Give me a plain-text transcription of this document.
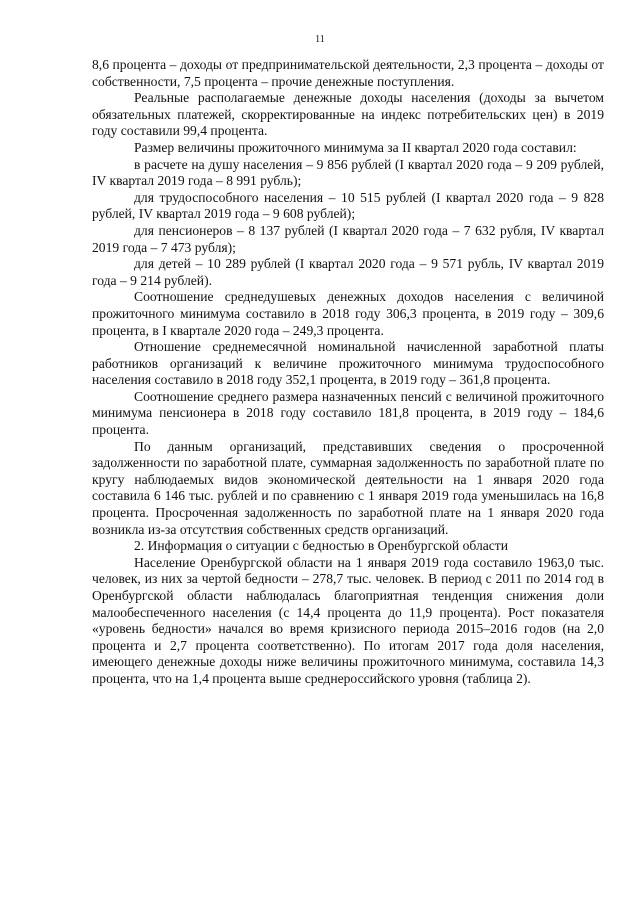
11

8,6 процента – доходы от предпринимательской деятельности, 2,3 процента – доходы от собственности, 7,5 процента – прочие денежные поступления.

Реальные располагаемые денежные доходы населения (доходы за вычетом обязательных платежей, скорректированные на индекс потребительских цен) в 2019 году составили 99,4 процента.

Размер величины прожиточного минимума за II квартал 2020 года составил:

в расчете на душу населения – 9 856 рублей (I квартал 2020 года – 9 209 рублей, IV квартал 2019 года – 8 991 рубль);

для трудоспособного населения – 10 515 рублей (I квартал 2020 года – 9 828 рублей, IV квартал 2019 года – 9 608 рублей);

для пенсионеров – 8 137 рублей (I квартал 2020 года – 7 632 рубля, IV квартал 2019 года – 7 473 рубля);

для детей – 10 289 рублей (I квартал 2020 года – 9 571 рубль, IV квартал 2019 года – 9 214 рублей).

Соотношение среднедушевых денежных доходов населения с величиной прожиточного минимума составило в 2018 году 306,3 процента, в 2019 году – 309,6 процента, в I квартале 2020 года – 249,3 процента.

Отношение среднемесячной номинальной начисленной заработной платы работников организаций к величине прожиточного минимума трудоспособного населения составило в 2018 году 352,1 процента, в 2019 году – 361,8 процента.

Соотношение среднего размера назначенных пенсий с величиной прожиточного минимума пенсионера в 2018 году составило 181,8 процента, в 2019 году – 184,6 процента.

По данным организаций, представивших сведения о просроченной задолженности по заработной плате, суммарная задолженность по заработной плате по кругу наблюдаемых видов экономической деятельности на 1 января 2020 года составила 6 146 тыс. рублей и по сравнению с 1 января 2019 года уменьшилась на 16,8 процента. Просроченная задолженность по заработной плате на 1 января 2020 года возникла из-за отсутствия собственных средств организаций.

2. Информация о ситуации с бедностью в Оренбургской области

Население Оренбургской области на 1 января 2019 года составило 1963,0 тыс. человек, из них за чертой бедности – 278,7 тыс. человек. В период с 2011 по 2014 год в Оренбургской области наблюдалась благоприятная тенденция снижения доли малообеспеченного населения (с 14,4 процента до 11,9 процента). Рост показателя «уровень бедности» начался во время кризисного периода 2015–2016 годов (на 2,0 процента и 2,7 процента соответственно). По итогам 2017 года доля населения, имеющего денежные доходы ниже величины прожиточного минимума, составила 14,3 процента, что на 1,4 процента выше среднероссийского уровня (таблица 2).
